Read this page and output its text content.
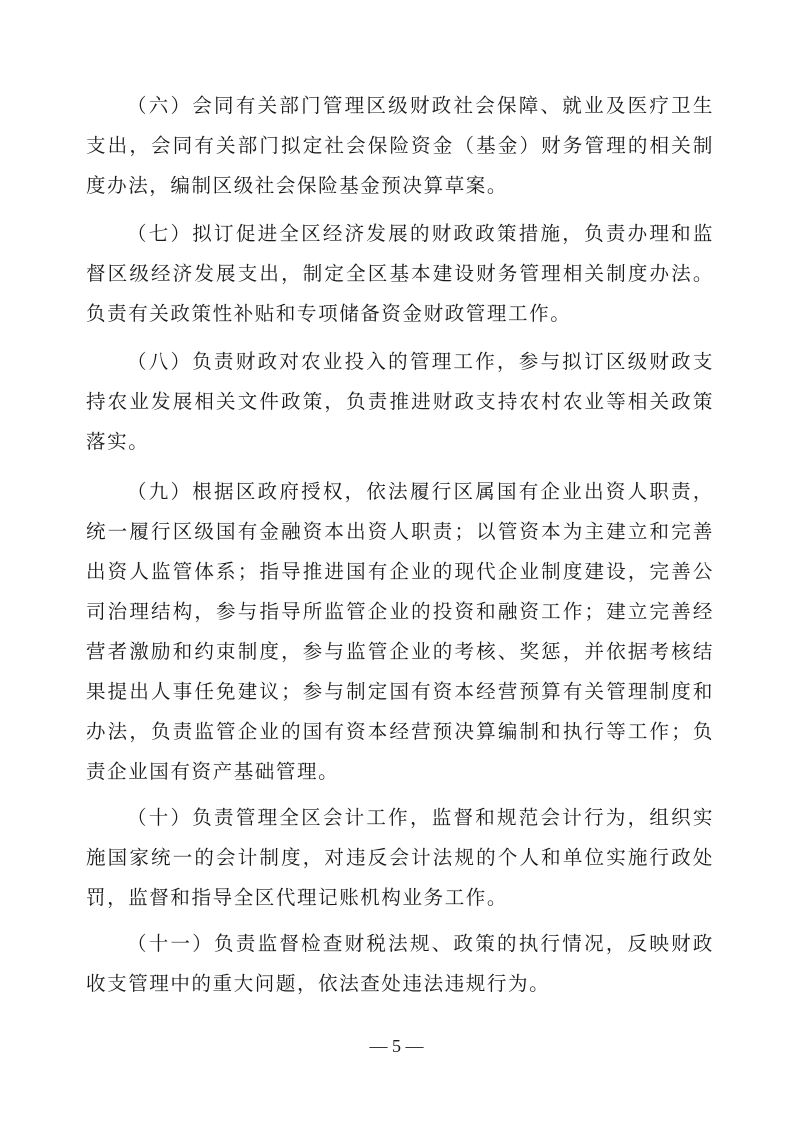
（六）会同有关部门管理区级财政社会保障、就业及医疗卫生支出，会同有关部门拟定社会保险资金（基金）财务管理的相关制度办法，编制区级社会保险基金预决算草案。

（七）拟订促进全区经济发展的财政政策措施，负责办理和监督区级经济发展支出，制定全区基本建设财务管理相关制度办法。负责有关政策性补贴和专项储备资金财政管理工作。

（八）负责财政对农业投入的管理工作，参与拟订区级财政支持农业发展相关文件政策，负责推进财政支持农村农业等相关政策落实。

（九）根据区政府授权，依法履行区属国有企业出资人职责，统一履行区级国有金融资本出资人职责；以管资本为主建立和完善出资人监管体系；指导推进国有企业的现代企业制度建设，完善公司治理结构，参与指导所监管企业的投资和融资工作；建立完善经营者激励和约束制度，参与监管企业的考核、奖惩，并依据考核结果提出人事任免建议；参与制定国有资本经营预算有关管理制度和办法，负责监管企业的国有资本经营预决算编制和执行等工作；负责企业国有资产基础管理。

（十）负责管理全区会计工作，监督和规范会计行为，组织实施国家统一的会计制度，对违反会计法规的个人和单位实施行政处罚，监督和指导全区代理记账机构业务工作。

（十一）负责监督检查财税法规、政策的执行情况，反映财政收支管理中的重大问题，依法查处违法违规行为。

— 5 —
